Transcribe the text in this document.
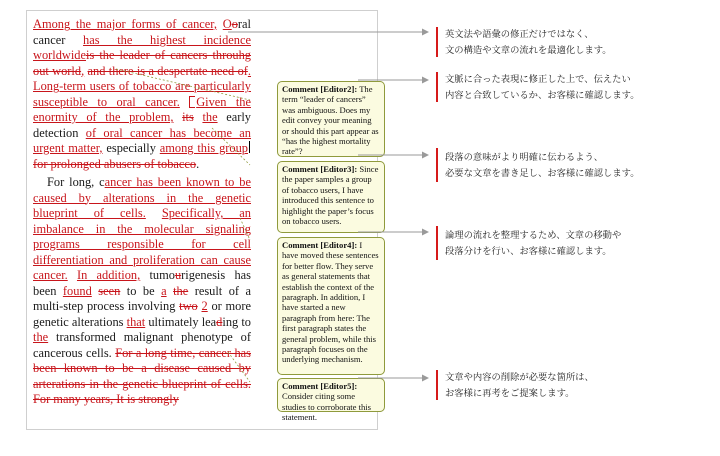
Among the major forms of cancer, Ooral cancer has the highest incidence worldwideis the leader of cancers throuhg out world, and there is a despertate need of. Long-term users of tobacco are particularly susceptible to oral cancer. Given the enormity of the problem, its the early detection of oral cancer has become an urgent matter, especially among this groupfor prolonged abusers of tobacco.

For long, cancer has been known to be caused by alterations in the genetic blueprint of cells. Specifically, an imbalance in the molecular signaling programs responsible for cell differentiation and proliferation can cause cancer. In addition, tumourigenesis has been found seen to be a the result of a multi-step process involving two 2 or more genetic alterations that ultimately leading to the transformed malignant phenotype of cancerous cells. For a long time, cancer has been known to be a disease caused by arterations in the genetic blueprint of cells. For many years, It is strongly

Comment [Editor2]: The term “leader of cancers” was ambiguous. Does my edit convey your meaning or should this part appear as “has the highest mortality rate”?
Comment [Editor3]: Since the paper samples a group of tobacco users, I have introduced this sentence to highlight the paper’s focus on tobacco users.
Comment [Editor4]: I have moved these sentences for better flow. They serve as general statements that establish the context of the paragraph. In addition, I have started a new paragraph from here: The first paragraph states the general problem, while this paragraph focuses on the underlying mechanism.
Comment [Editor5]: Consider citing some studies to corroborate this statement.
英文法や語彙の修正だけではなく、
文の構造や文章の流れを最適化します。
文脈に合った表現に修正した上で、伝えたい
内容と合致しているか、お客様に確認します。
段落の意味がより明確に伝わるよう、
必要な文章を書き足し、お客様に確認します。
論理の流れを整理するため、文章の移動や
段落分けを行い、お客様に確認します。
文章や内容の削除が必要な箇所は、
お客様に再考をご提案します。
